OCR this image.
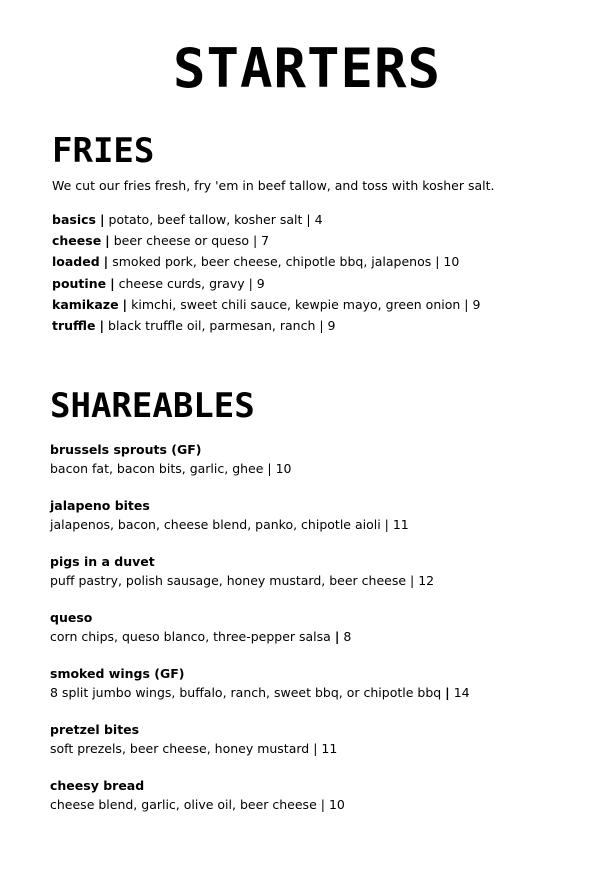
STARTERS
FRIES

We cut our fries fresh, fry 'em in beef tallow, and toss with kosher salt.

basics | potato, beef tallow, kosher salt | 4
cheese | beer cheese or queso | 7
loaded | smoked pork, beer cheese, chipotle bbq, jalapenos | 10
poutine | cheese curds, gravy | 9
kamikaze | kimchi, sweet chili sauce, kewpie mayo, green onion | 9
truffle | black truffle oil, parmesan, ranch | 9
SHAREABLES
brussels sprouts (GF)
bacon fat, bacon bits, garlic, ghee | 10
jalapeno bites
jalapenos, bacon, cheese blend, panko, chipotle aioli | 11
pigs in a duvet
puff pastry, polish sausage, honey mustard, beer cheese | 12
queso
corn chips, queso blanco, three-pepper salsa | 8
smoked wings (GF)
8 split jumbo wings, buffalo, ranch, sweet bbq, or chipotle bbq | 14
pretzel bites
soft prezels, beer cheese, honey mustard | 11
cheesy bread
cheese blend, garlic, olive oil, beer cheese | 10
